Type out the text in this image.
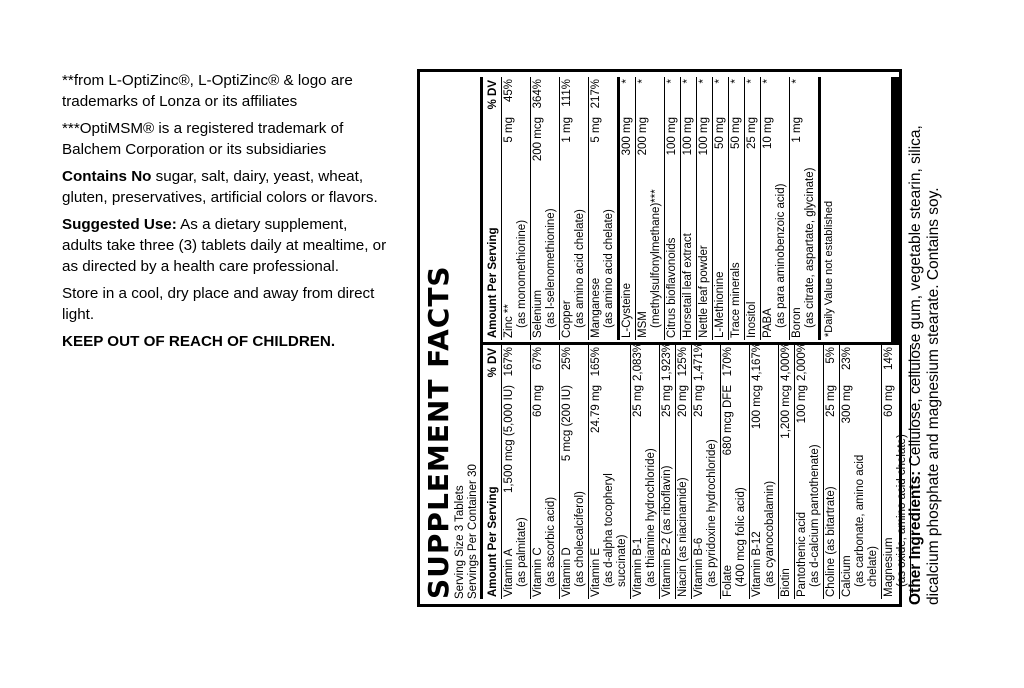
**from L-OptiZinc®, L-OptiZinc® & logo are trademarks of Lonza or its affiliates

***OptiMSM® is a registered trademark of Balchem Corporation or its subsidiaries

Contains No sugar, salt, dairy, yeast, wheat, gluten, preservatives, artificial colors or flavors.

Suggested Use: As a dietary supplement, adults take three (3) tablets daily at mealtime, or as directed by a health care professional.

Store in a cool, dry place and away from direct light.

KEEP OUT OF REACH OF CHILDREN.	SUPPLEMENT FACTS Serving Size 3 Tablets Servings Per Container 30 Amount Per Serving
% DV
Vitamin A (as palmitate)
1,500 mcg (5,000 IU)
167%
Vitamin C (as ascorbic acid)
60 mg
67%
Vitamin D (as cholecalciferol)
5 mcg (200 IU)
25%
Vitamin E (as d-alpha tocopheryl succinate)
24.79 mg
165%
Vitamin B-1 (as thiamine hydrochloride)
25 mg
2,083%
Vitamin B-2 (as riboflavin)
25 mg
1,923%
Niacin (as niacinamide)
20 mg
125%
Vitamin B-6 (as pyridoxine hydrochloride)
25 mg
1,471%
Folate (400 mcg folic acid)
680 mcg DFE
170%
Vitamin B-12 (as cyanocobalamin)
100 mcg
4,167%
Biotin
1,200 mcg
4,000%
Pantothenic acid (as d-calcium pantothenate)
100 mg
2,000%
Choline (as bitartrate)
25 mg
5%
Calcium (as carbonate, amino acid chelate)
300 mg
23%
Magnesium (as oxide, amino acid chelate)
60 mg
14%
Amount Per Serving
% DV
Zinc ** (as monomethionine)
5 mg
45%
Selenium (as l-selenomethionine)
200 mcg
364%
Copper (as amino acid chelate)
1 mg
111%
Manganese (as amino acid chelate)
5 mg
217%
L-Cysteine
300 mg
*
MSM (methylsulfonylmethane)***
200 mg
*
Citrus bioflavonoids
100 mg
*
Horsetail leaf extract
100 mg
*
Nettle leaf powder
100 mg
*
L-Methionine
50 mg
*
Trace minerals
50 mg
*
Inositol
25 mg
*
PABA (as para aminobenzoic acid)
10 mg
*
Boron (as citrate, aspartate, glycinate)
1 mg
*
*Daily Value not established
Other Ingredients: Cellulose, cellulose gum, vegetable stearin, silica, dicalcium phosphate and magnesium stearate. Contains soy.
